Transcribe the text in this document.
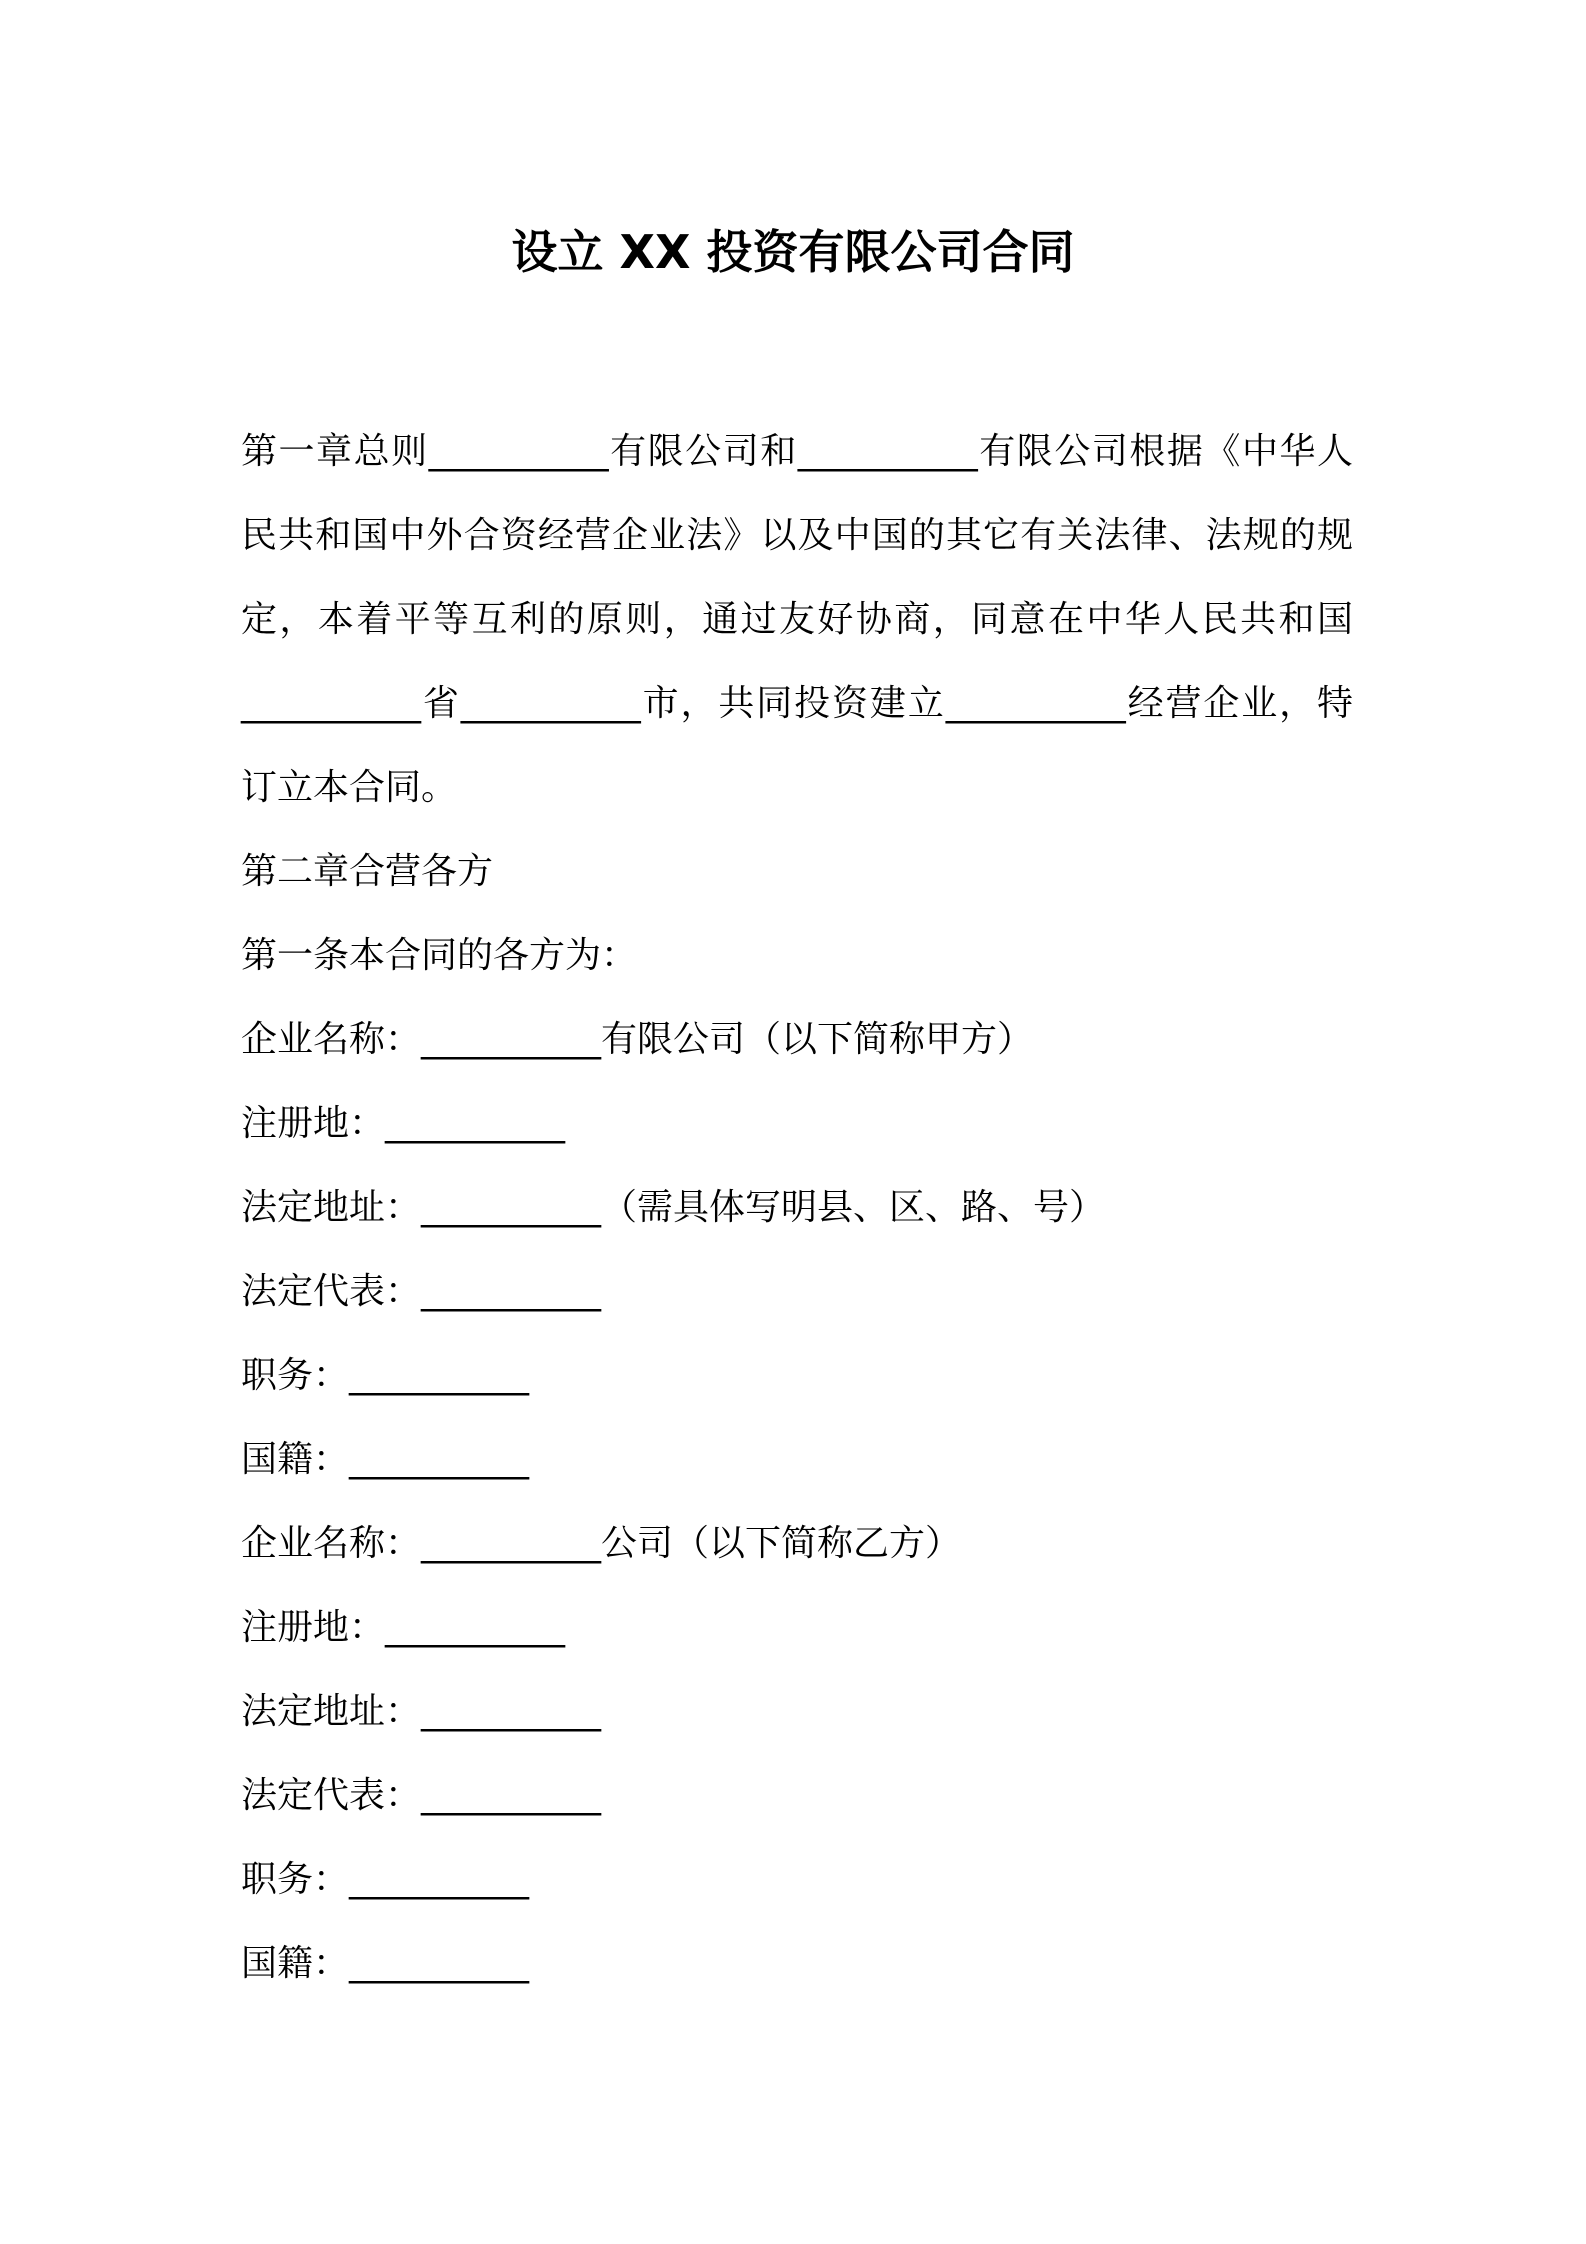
设立 XX 投资有限公司合同

第一章总则__________有限公司和__________有限公司根据《中华人民共和国中外合资经营企业法》以及中国的其它有关法律、法规的规定，本着平等互利的原则，通过友好协商，同意在中华人民共和国__________省__________市，共同投资建立__________经营企业，特订立本合同。

第二章合营各方
第一条本合同的各方为：
企业名称：__________有限公司（以下简称甲方）
注册地：__________
法定地址：__________（需具体写明县、区、路、号）
法定代表：__________
职务：__________
国籍：__________
企业名称：__________公司（以下简称乙方）
注册地：__________
法定地址：__________
法定代表：__________
职务：__________
国籍：__________
